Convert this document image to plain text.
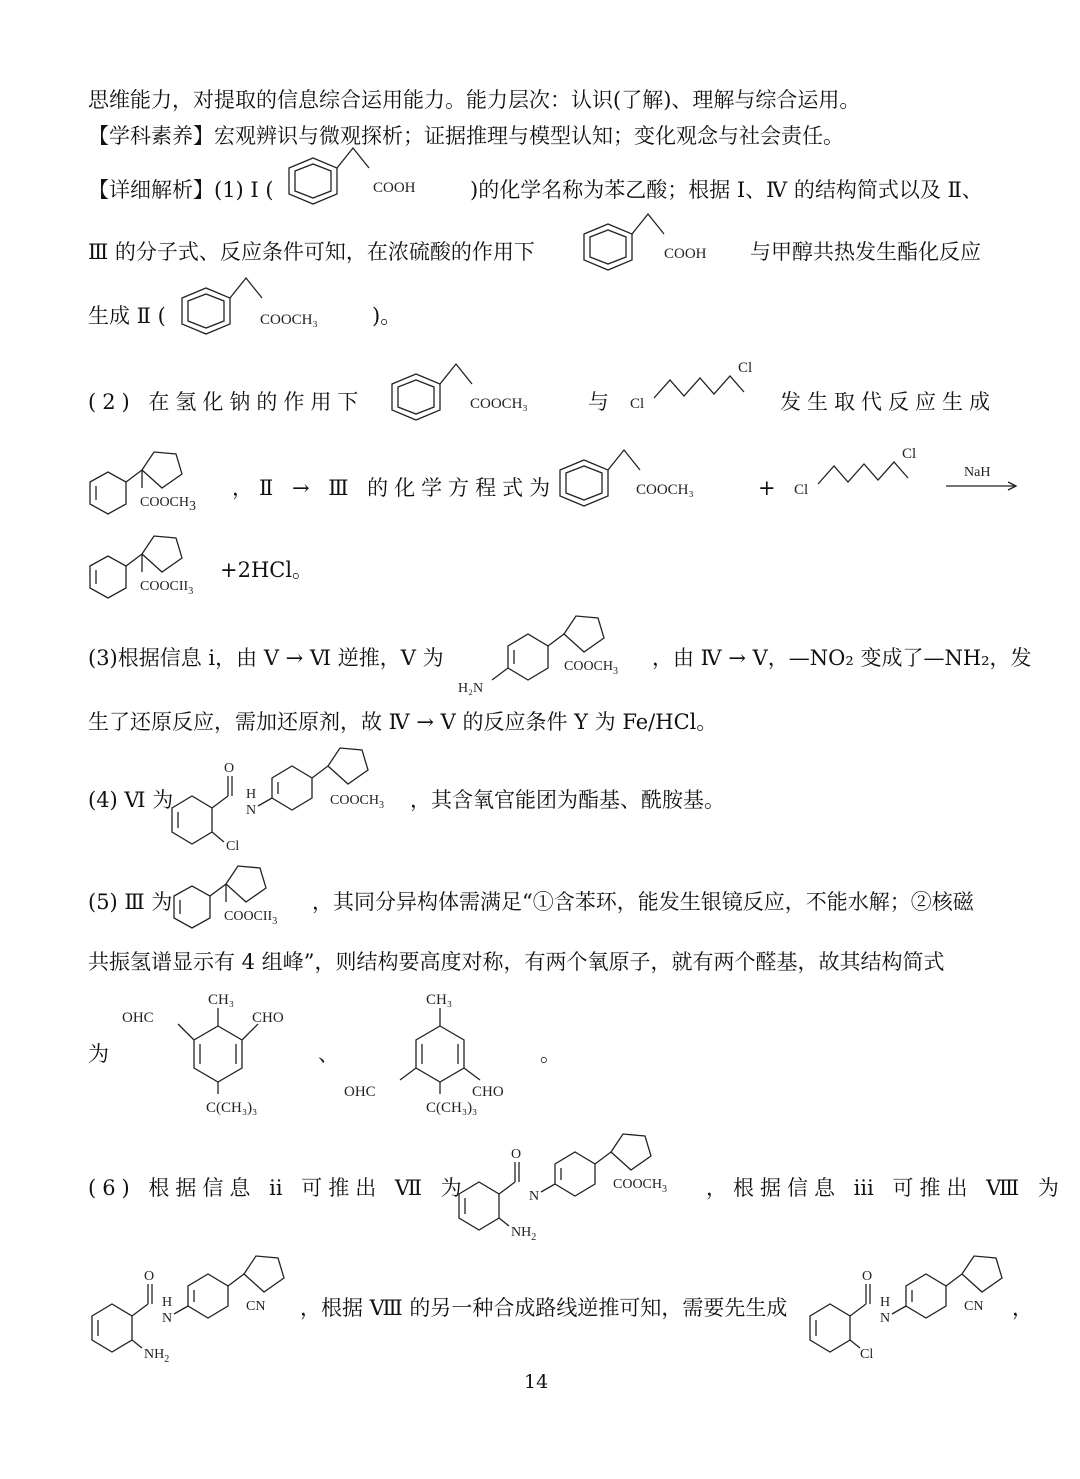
思维能力，对提取的信息综合运用能力。能力层次：认识(了解)、理解与综合运用。
【学科素养】宏观辨识与微观探析；证据推理与模型认知；变化观念与社会责任。
【详细解析】(1) Ⅰ (	COOH	)的化学名称为苯乙酸；根据 Ⅰ、Ⅳ 的结构简式以及 Ⅱ、
Ⅲ 的分子式、反应条件可知，在浓硫酸的作用下	COOH 与甲醇共热发生酯化反应
生成 Ⅱ (	COOCH₃	)。
(2) 在氢化钠的作用下	COOCH₃	与 Cl
Cl
发生取代反应生成
COOCH3
，Ⅱ → Ⅲ 的化学方程式为	COOCH₃	+ Cl
Cl
NaH
$COOCII_3$
+2HCl。
(3)根据信息 ⅰ，由 Ⅴ → Ⅵ 逆推，Ⅴ 为
H₂N
$COOCH_3$
，由 Ⅳ → Ⅴ，—NO₂ 变成了—NH₂，发
生了还原反应，需加还原剂，故 Ⅳ → Ⅴ 的反应条件 Y 为 Fe/HCl。
(4) Ⅵ 为
O
H
N
$COOCH_3$
Cl
，其含氧官能团为酯基、酰胺基。
(5) Ⅲ 为
$COOCII_3$
，其同分异构体需满足“①含苯环，能发生银镜反应，不能水解；②核磁
共振氢谱显示有 4 组峰”，则结构要高度对称，有两个氧原子，就有两个醛基，故其结构简式
为
CH₃
OHC	CHO
C(CH₃)₃
、
CH₃
OHC	CHO
C(CH₃)₃
。
(6) 根据信息 ⅱ 可推出 Ⅶ 为
O
N
$COOCH_3$
$NH_2$
，根据信息 ⅲ 可推出 Ⅷ 为
O
H
N
CN
$NH_2$
，根据 Ⅷ 的另一种合成路线逆推可知，需要先生成
O
H
N
CN
Cl
，
14
